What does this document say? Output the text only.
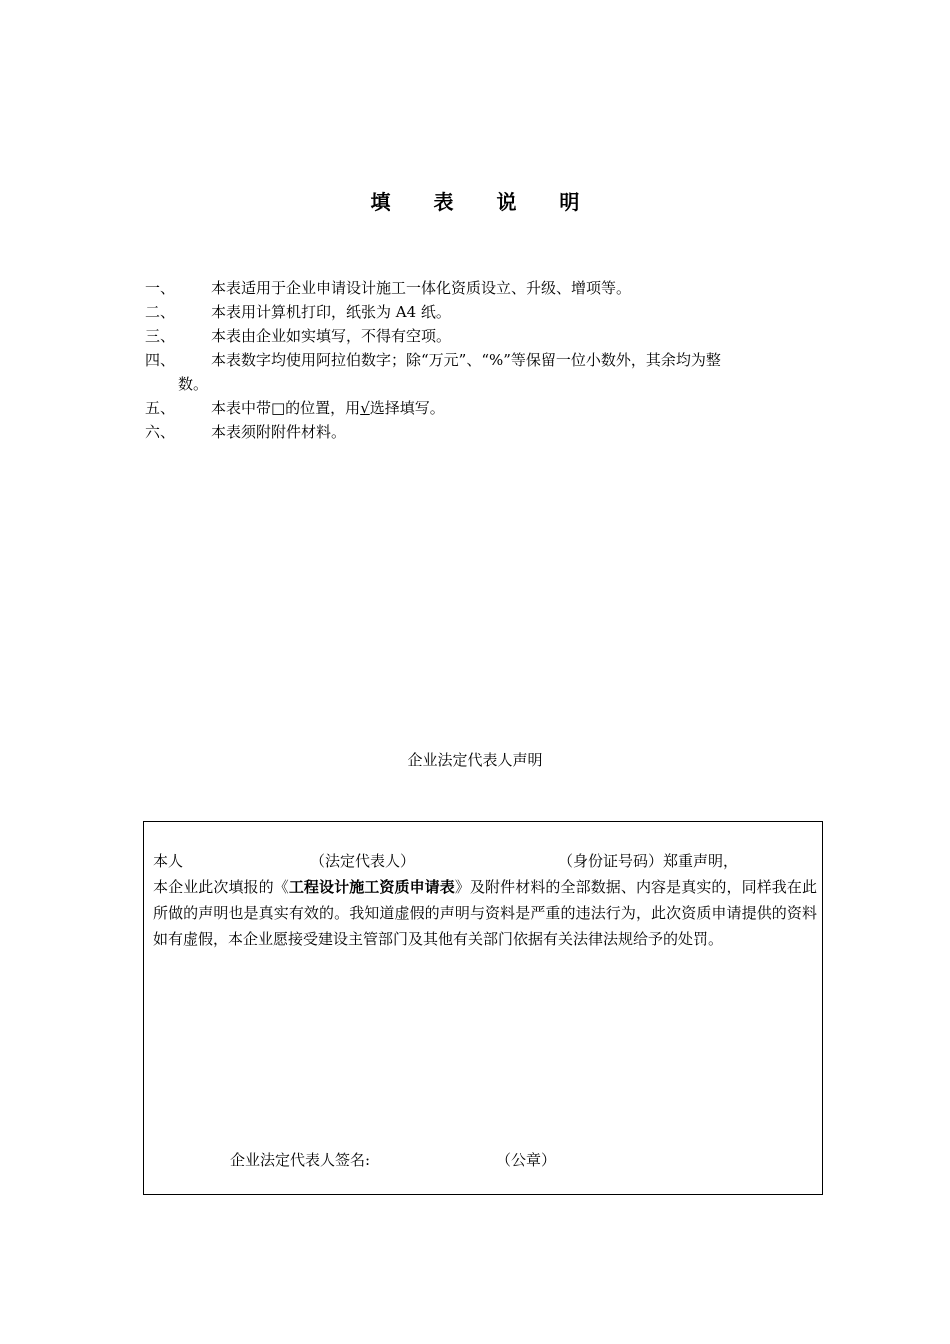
填 表 说 明
一、	本表适用于企业申请设计施工一体化资质设立、升级、增项等。
二、	本表用计算机打印，纸张为 A4 纸。
三、	本表由企业如实填写，不得有空项。
四、	本表数字均使用阿拉伯数字；除“万元”、“%”等保留一位小数外，其余均为整
数。
五、	本表中带□的位置，用√选择填写。
六、	本表须附附件材料。
企业法定代表人声明
本人	（法定代表人）	（身份证号码）郑重声明，
本企业此次填报的《工程设计施工资质申请表》及附件材料的全部数据、内容是真实的，同样我在此所做的声明也是真实有效的。我知道虚假的声明与资料是严重的违法行为，此次资质申请提供的资料如有虚假，本企业愿接受建设主管部门及其他有关部门依据有关法律法规给予的处罚。
企业法定代表人签名:	（公章）
